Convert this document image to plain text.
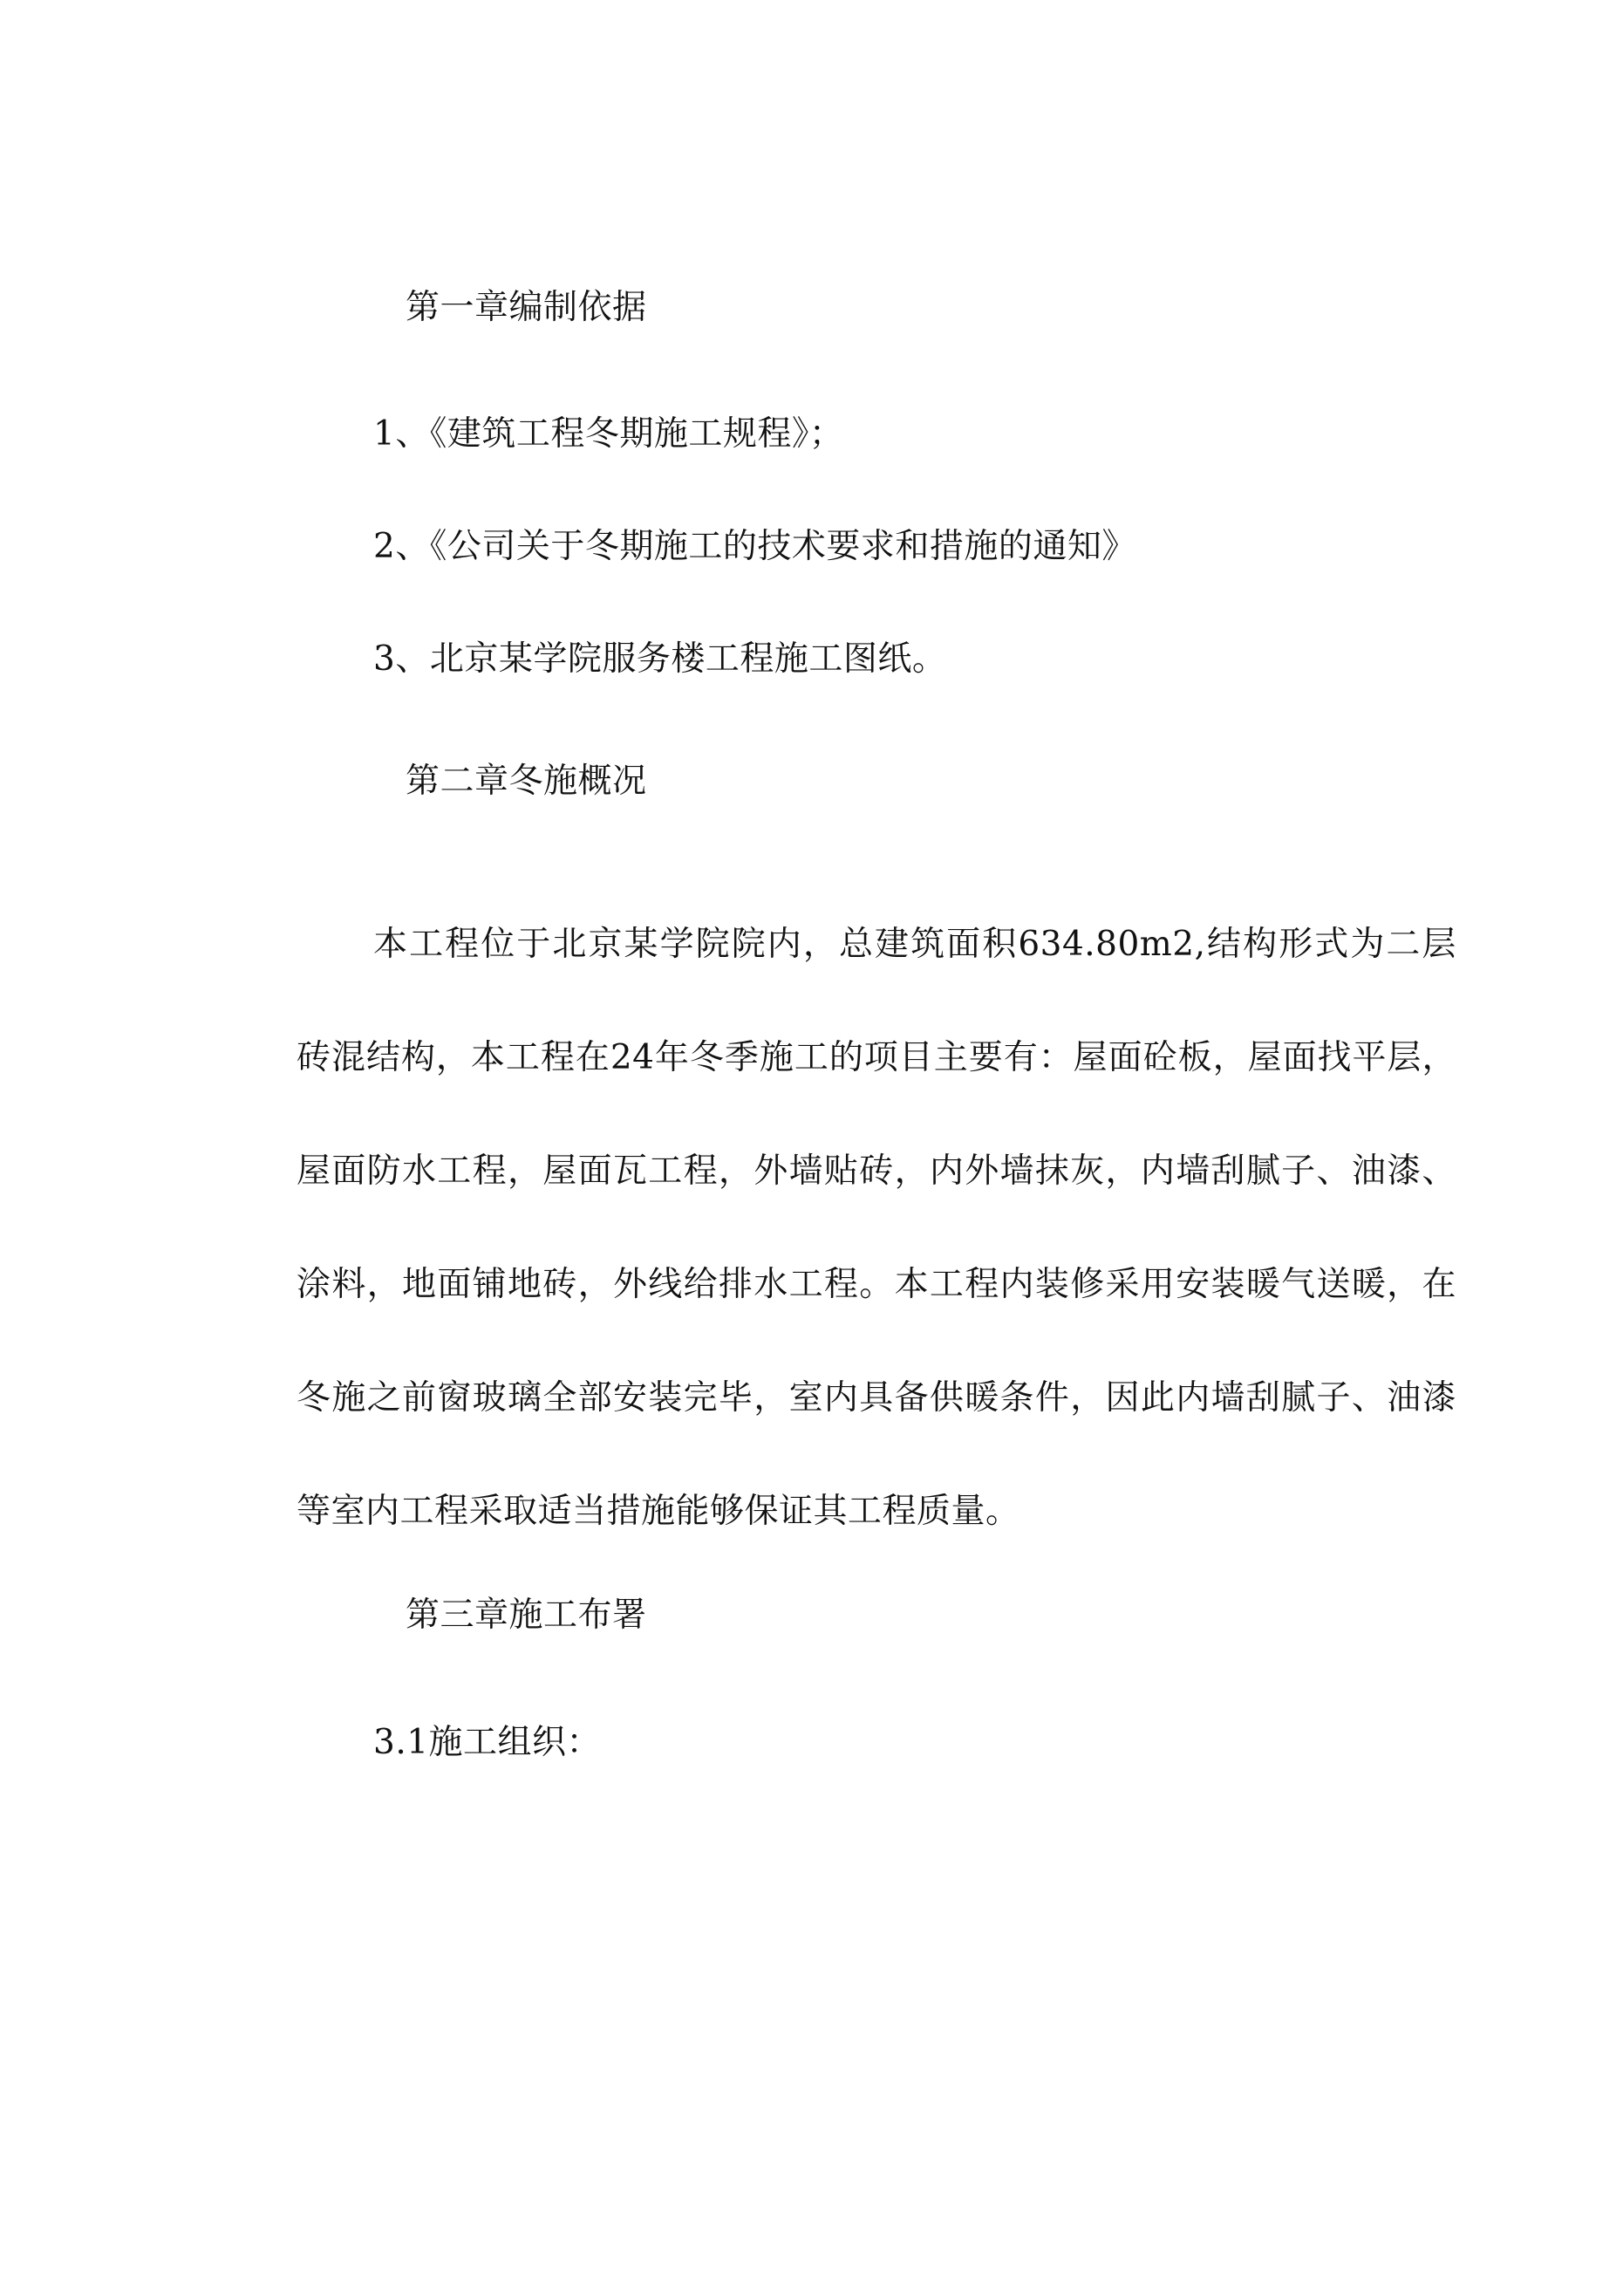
第一章编制依据
1、《建筑工程冬期施工规程》；
2、《公司关于冬期施工的技术要求和措施的通知》
3、北京某学院服务楼工程施工图纸。
第二章冬施概况

本工程位于北京某学院院内，总建筑面积634.80m2,结构形式为二层砖混结构，本工程在24年冬季施工的项目主要有：屋面砼板，屋面找平层，屋面防水工程，屋面瓦工程，外墙贴砖，内外墙抹灰，内墙刮腻子、油漆、涂料，地面铺地砖，外线给排水工程。本工程内装修采用安装暖气送暖，在冬施之前窗玻璃全部安装完毕，室内具备供暖条件，因此内墙刮腻子、油漆等室内工程采取适当措施能够保证其工程质量。

第三章施工布署
3.1施工组织：
